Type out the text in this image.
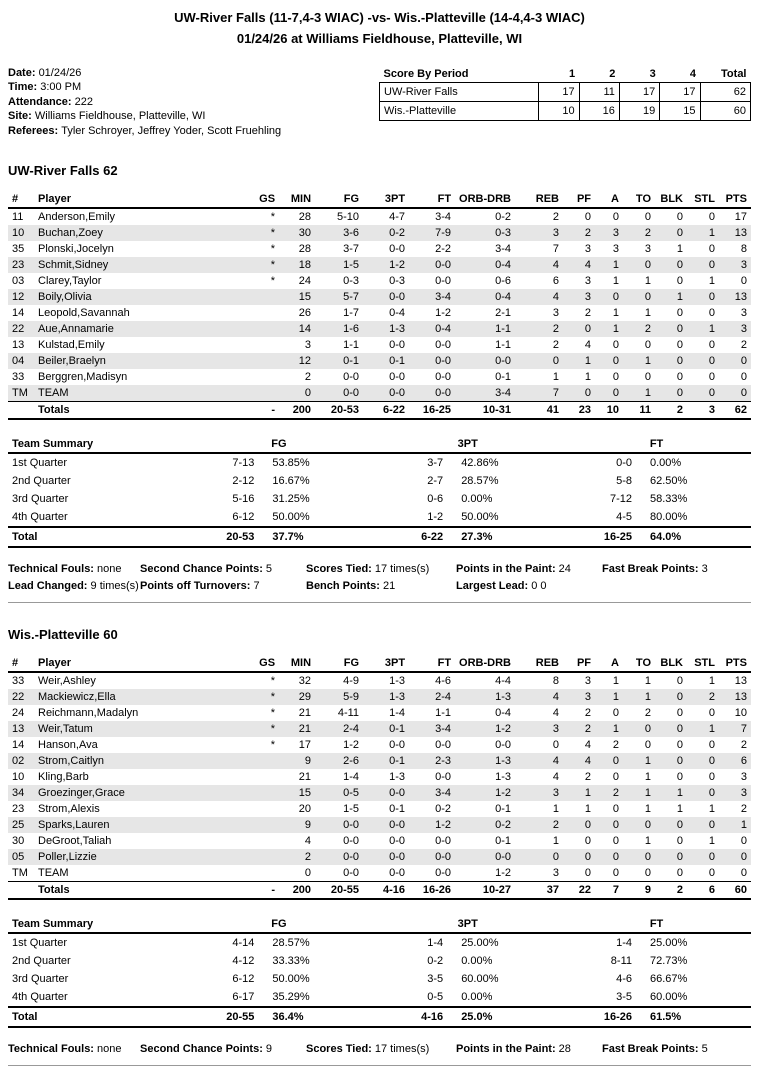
UW-River Falls (11-7,4-3 WIAC) -vs- Wis.-Platteville (14-4,4-3 WIAC)
01/24/26 at Williams Fieldhouse, Platteville, WI
Date: 01/24/26
Time: 3:00 PM
Attendance: 222
Site: Williams Fieldhouse, Platteville, WI
Referees: Tyler Schroyer, Jeffrey Yoder, Scott Fruehling
Score By Period	1	2	3	4	Total
UW-River Falls	17	11	17	17	62
Wis.-Platteville	10	16	19	15	60
UW-River Falls 62
#	Player	GS	MIN	FG	3PT	FT	ORB-DRB	REB	PF	A	TO	BLK	STL	PTS
11	Anderson,Emily	*	28	5-10	4-7	3-4	0-2	2	0	0	0	0	0	17
10	Buchan,Zoey	*	30	3-6	0-2	7-9	0-3	3	2	3	2	0	1	13
35	Plonski,Jocelyn	*	28	3-7	0-0	2-2	3-4	7	3	3	3	1	0	8
23	Schmit,Sidney	*	18	1-5	1-2	0-0	0-4	4	4	1	0	0	0	3
03	Clarey,Taylor	*	24	0-3	0-3	0-0	0-6	6	3	1	1	0	1	0
12	Boily,Olivia		15	5-7	0-0	3-4	0-4	4	3	0	0	1	0	13
14	Leopold,Savannah		26	1-7	0-4	1-2	2-1	3	2	1	1	0	0	3
22	Aue,Annamarie		14	1-6	1-3	0-4	1-1	2	0	1	2	0	1	3
13	Kulstad,Emily		3	1-1	0-0	0-0	1-1	2	4	0	0	0	0	2
04	Beiler,Braelyn		12	0-1	0-1	0-0	0-0	0	1	0	1	0	0	0
33	Berggren,Madisyn		2	0-0	0-0	0-0	0-1	1	1	0	0	0	0	0
TM	TEAM		0	0-0	0-0	0-0	3-4	7	0	0	1	0	0	0
	Totals	-	200	20-53	6-22	16-25	10-31	41	23	10	11	2	3	62
Team Summary	FG		3PT		FT	
1st Quarter	7-13	53.85%	3-7	42.86%	0-0	0.00%
2nd Quarter	2-12	16.67%	2-7	28.57%	5-8	62.50%
3rd Quarter	5-16	31.25%	0-6	0.00%	7-12	58.33%
4th Quarter	6-12	50.00%	1-2	50.00%	4-5	80.00%
Total	20-53	37.7%	6-22	27.3%	16-25	64.0%
Technical Fouls: none Second Chance Points: 5	Scores Tied: 17 times(s) Points in the Paint: 24	Fast Break Points: 3
Lead Changed: 9 times(s)Points off Turnovers: 7	Bench Points: 21	Largest Lead: 0 0
Wis.-Platteville 60
#	Player	GS	MIN	FG	3PT	FT	ORB-DRB	REB	PF	A	TO	BLK	STL	PTS
33	Weir,Ashley	*	32	4-9	1-3	4-6	4-4	8	3	1	1	0	1	13
22	Mackiewicz,Ella	*	29	5-9	1-3	2-4	1-3	4	3	1	1	0	2	13
24	Reichmann,Madalyn	*	21	4-11	1-4	1-1	0-4	4	2	0	2	0	0	10
13	Weir,Tatum	*	21	2-4	0-1	3-4	1-2	3	2	1	0	0	1	7
14	Hanson,Ava	*	17	1-2	0-0	0-0	0-0	0	4	2	0	0	0	2
02	Strom,Caitlyn		9	2-6	0-1	2-3	1-3	4	4	0	1	0	0	6
10	Kling,Barb		21	1-4	1-3	0-0	1-3	4	2	0	1	0	0	3
34	Groezinger,Grace		15	0-5	0-0	3-4	1-2	3	1	2	1	1	0	3
23	Strom,Alexis		20	1-5	0-1	0-2	0-1	1	1	0	1	1	1	2
25	Sparks,Lauren		9	0-0	0-0	1-2	0-2	2	0	0	0	0	0	1
30	DeGroot,Taliah		4	0-0	0-0	0-0	0-1	1	0	0	1	0	1	0
05	Poller,Lizzie		2	0-0	0-0	0-0	0-0	0	0	0	0	0	0	0
TM	TEAM		0	0-0	0-0	0-0	1-2	3	0	0	0	0	0	0
	Totals	-	200	20-55	4-16	16-26	10-27	37	22	7	9	2	6	60
Team Summary	FG		3PT		FT	
1st Quarter	4-14	28.57%	1-4	25.00%	1-4	25.00%
2nd Quarter	4-12	33.33%	0-2	0.00%	8-11	72.73%
3rd Quarter	6-12	50.00%	3-5	60.00%	4-6	66.67%
4th Quarter	6-17	35.29%	0-5	0.00%	3-5	60.00%
Total	20-55	36.4%	4-16	25.0%	16-26	61.5%
Technical Fouls: none Second Chance Points: 9	Scores Tied: 17 times(s) Points in the Paint: 28	Fast Break Points: 5
